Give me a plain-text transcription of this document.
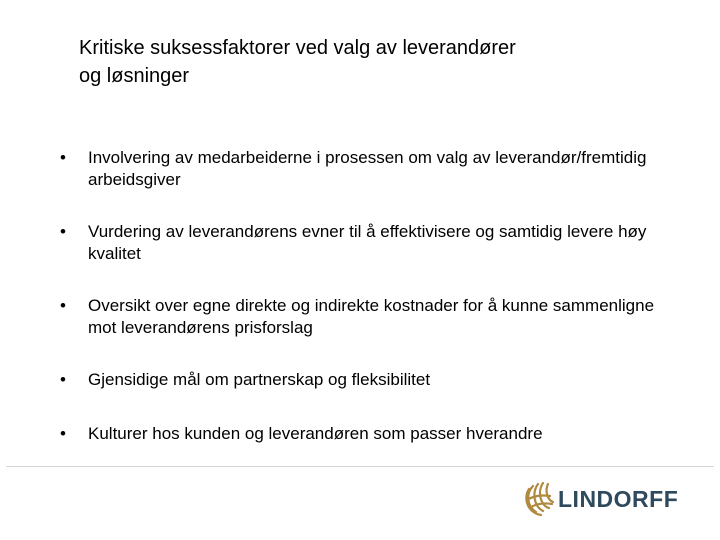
Kritiske suksessfaktorer ved valg av leverandører
og løsninger
•	Involvering av medarbeiderne i prosessen om valg av leverandør/fremtidig arbeidsgiver
•	Vurdering av leverandørens evner til å effektivisere og samtidig levere høy kvalitet
•	Oversikt over egne direkte og indirekte kostnader for å kunne sammenligne mot leverandørens prisforslag
•	Gjensidige mål om partnerskap og fleksibilitet
•	Kulturer hos kunden og leverandøren som passer hverandre
LINDORFF
